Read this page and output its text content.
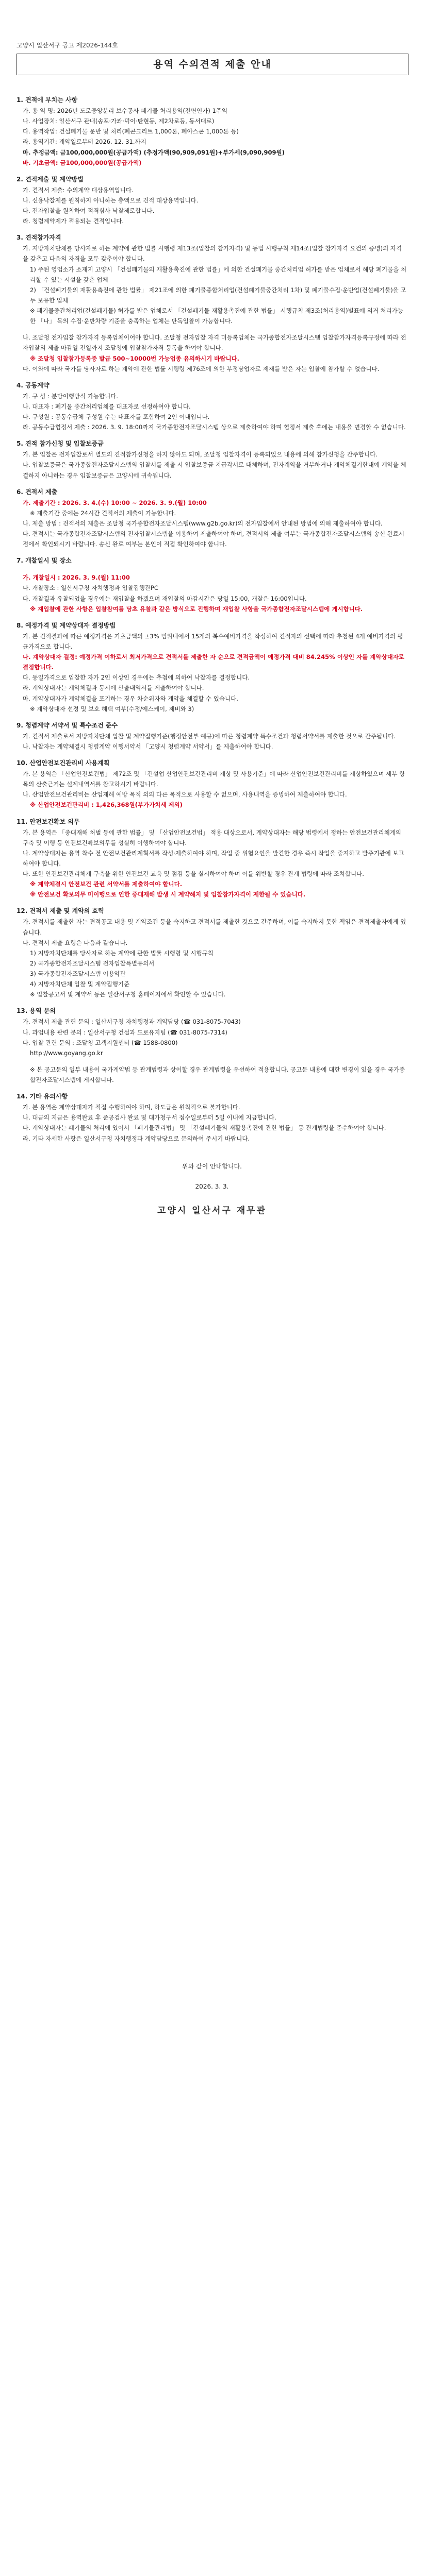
고양시 일산서구 공고 제2026-144호
용역 수의견적 제출 안내
1. 견적에 부치는 사항
가. 용 역 명: 2026년 도로중앙분리 보수공사 폐기물 처리용역(전면인가) 1주역
나. 사업장치: 일산서구 관내(송포·가좌·덕이·탄현동, 제2차로등, 동서대로)
다. 용역작업: 건설폐기물 운반 및 처리(폐콘크리트 1,000톤, 폐아스콘 1,000톤 등)
라. 용역기간: 계약일로부터 2026. 12. 31.까지
마. 추정금액: 금100,000,000원(공급가액) (추정가액(90,909,091원)+부가세(9,090,909원)
바. 기초금액: 금100,000,000원(공급가액)
2. 견적제출 및 계약방법
가. 견적서 제출: 수의계약 대상용역입니다.
나. 신용낙찰제를 원칙하지 아니하는 총액으로 견적 대상용역입니다.
다. 전자입찰을 원칙하여 적격심사 낙찰제로합니다.
라. 청렴계약제가 적용되는 견적입니다.
3. 견적참가자격
가. 지방자치단체를 당사자로 하는 계약에 관한 법률 시행령 제13조(입찰의 참가자격) 및 동법 시행규칙 제14조(입찰 참가자격 요건의 증명)의 자격을 갖추고 다음의 자격을 모두 갖추어야 합니다.
1) 주된 영업소가 소재지 고양시 「건설폐기물의 재활용촉진에 관한 법률」에 의한 건설폐기물 중간처리업 허가를 받은 업체로서 해당 폐기물을 처리할 수 있는 시설을 갖춘 업체
2) 「건설폐기물의 재활용촉진에 관한 법률」 제21조에 의한 폐기물종합처리업(건설폐기물중간처리 1차) 및 폐기물수집·운반업(건설폐기물)을 모두 보유한 업체
※ 폐기물중간처리업(건설폐기물) 허가를 받은 업체로서 「건설폐기물 재활용촉진에 관한 법률」 시행규칙 제3조(처리용역)별표에 의거 처리가능한 「나」 목의 수집·운반차량 기준을 충족하는 업체는 단독입찰이 가능합니다.
나. 조달청 전자입찰 참가자격 등록업체이어야 합니다. 조달청 전자입찰 자격 미등록업체는 국가종합전자조달시스템 입찰참가자격등록규정에 따라 전자입찰의 제출 마감일 전일까지 조달청에 입찰참가자격 등록을 하여야 합니다.
※ 조달청 입찰참가등록증 발급 500~10000번 가능업종 유의하시기 바랍니다.
다. 이와에 따라 국가를 당사자로 하는 계약에 관한 법률 시행령 제76조에 의한 부정당업자로 제재를 받은 자는 입찰에 참가할 수 없습니다.
4. 공동계약
가. 구 성 : 분담이행방식 가능합니다.
나. 대표자 : 폐기물 중간처리업체를 대표자로 선정하여야 합니다.
다. 구성원 : 공동수급체 구성원 수는 대표자를 포함하여 2인 이내입니다.
라. 공동수급협정서 제출 : 2026. 3. 9. 18:00까지 국가종합전자조달시스템 상으로 제출하여야 하며 협정서 제출 후에는 내용을 변경할 수 없습니다.
5. 견적 참가신청 및 입찰보증금
가. 본 입찰은 전자입찰로서 별도의 견적참가신청을 하지 않아도 되며, 조달청 입찰자격이 등록되었으 내용에 의해 참가신청을 간주합니다.
나. 입찰보증금은 국가종합전자조달시스템의 입찰서를 제출 시 입찰보증금 지급각서로 대체하며, 전자계약을 거부하거나 계약체결기한내에 계약을 체결하지 아니하는 경우 입찰보증금은 고양시에 귀속됩니다.
6. 견적서 제출
가. 제출기간 : 2026. 3. 4.(수) 10:00 ~ 2026. 3. 9.(월) 10:00
※ 제출기간 중에는 24시간 견적서의 제출이 가능합니다.
나. 제출 방법 : 견적서의 제출은 조달청 국가종합전자조달시스템(www.g2b.go.kr)의 전자입찰에서 안내된 방법에 의해 제출하여야 합니다.
다. 견적서는 국가종합전자조달시스템의 전자입찰시스템을 이용하여 제출하여야 하며, 견적서의 제출 여부는 국가종합전자조달시스템의 송신 완료시점에서 확인되시기 바랍니다. 송신 완료 여부는 본인이 직접 확인하여야 합니다.
7. 개찰일시 및 장소
가. 개찰일시 : 2026. 3. 9.(월) 11:00
나. 개찰장소 : 일산서구청 자치행정과 입찰집행관PC
다. 개찰결과 유찰되었을 경우에는 재입찰을 하겠으며 재입찰의 마감시간은 당일 15:00, 개찰은 16:00입니다.
※ 재입찰에 관한 사항은 입찰참여를 당초 유찰과 같은 방식으로 진행하며 재입찰 사항을 국가종합전자조달시스템에 게시합니다.
8. 예정가격 및 계약상대자 결정방법
가. 본 견적결과에 따른 예정가격은 기초금액의 ±3% 범위내에서 15개의 복수예비가격을 작성하여 견적자의 선택에 따라 추첨된 4개 예비가격의 평균가격으로 합니다.
나. 계약상대자 결정: 예정가격 이하로서 최저가격으로 견적서를 제출한 자 순으로 견적금액이 예정가격 대비 84.245% 이상인 자를 계약상대자로 결정합니다.
다. 동일가격으로 입찰한 자가 2인 이상인 경우에는 추첨에 의하여 낙찰자를 결정합니다.
라. 계약상대자는 계약체결과 동시에 산출내역서를 제출하여야 합니다.
마. 계약상대자가 계약체결을 포기하는 경우 차순위자와 계약을 체결할 수 있습니다.
※ 계약상대자 선정 및 보호 혜택 여부(수정/에스케이, 제비와 3)
9. 청렴계약 서약서 및 특수조건 준수
가. 견적서 제출로서 지방자치단체 입찰 및 계약집행기준(행정안전부 예규)에 따른 청렴계약 특수조건과 청렴서약서를 제출한 것으로 간주됩니다.
나. 낙찰자는 계약체결시 청렴계약 이행서약서 「고양시 청렴계약 서약서」를 제출하여야 합니다.
10. 산업안전보건관리비 사용계획
가. 본 용역은 「산업안전보건법」 제72조 및 「건설업 산업안전보건관리비 계상 및 사용기준」에 따라 산업안전보건관리비를 계상하였으며 세부 항목의 산출근거는 설계내역서를 참고하시기 바랍니다.
나. 산업안전보건관리비는 산업재해 예방 목적 외의 다른 목적으로 사용할 수 없으며, 사용내역을 증빙하여 제출하여야 합니다.
※ 산업안전보건관리비 : 1,426,368원(부가가치세 제외)
11. 안전보건확보 의무
가. 본 용역은 「중대재해 처벌 등에 관한 법률」 및 「산업안전보건법」 적용 대상으로서, 계약상대자는 해당 법령에서 정하는 안전보건관리체계의 구축 및 이행 등 안전보건확보의무를 성실히 이행하여야 합니다.
나. 계약상대자는 용역 착수 전 안전보건관리계획서를 작성·제출하여야 하며, 작업 중 위험요인을 발견한 경우 즉시 작업을 중지하고 발주기관에 보고하여야 합니다.
다. 또한 안전보건관리체계 구축을 위한 안전보건 교육 및 점검 등을 실시하여야 하며 이를 위반할 경우 관계 법령에 따라 조치합니다.
※ 계약체결시 안전보건 관련 서약서를 제출하여야 합니다.
※ 안전보건 확보의무 미이행으로 인한 중대재해 발생 시 계약해지 및 입찰참가자격이 제한될 수 있습니다.
12. 견적서 제출 및 계약의 효력
가. 견적서를 제출한 자는 견적공고 내용 및 계약조건 등을 숙지하고 견적서를 제출한 것으로 간주하며, 이를 숙지하지 못한 책임은 견적제출자에게 있습니다.
나. 견적서 제출 요령은 다음과 같습니다.
1) 지방자치단체를 당사자로 하는 계약에 관한 법률 시행령 및 시행규칙
2) 국가종합전자조달시스템 전자입찰특별유의서
3) 국가종합전자조달시스템 이용약관
4) 지방자치단체 입찰 및 계약집행기준
※ 입찰공고서 및 계약서 등은 일산서구청 홈페이지에서 확인할 수 있습니다.
13. 용역 문의
가. 견적서 제출 관련 문의 : 일산서구청 자치행정과 계약담당 (☎ 031-8075-7043)
나. 과업내용 관련 문의 : 일산서구청 건설과 도로유지팀 (☎ 031-8075-7314)
다. 입찰 관련 문의 : 조달청 고객지원센터 (☎ 1588-0800)
http://www.goyang.go.kr
※ 본 공고문의 일부 내용이 국가계약법 등 관계법령과 상이할 경우 관계법령을 우선하여 적용합니다. 공고문 내용에 대한 변경이 있을 경우 국가종합전자조달시스템에 게시합니다.
14. 기타 유의사항
가. 본 용역은 계약상대자가 직접 수행하여야 하며, 하도급은 원칙적으로 불가합니다.
나. 대금의 지급은 용역완료 후 준공검사 완료 및 대가청구서 접수일로부터 5일 이내에 지급합니다.
다. 계약상대자는 폐기물의 처리에 있어서 「폐기물관리법」 및 「건설폐기물의 재활용촉진에 관한 법률」 등 관계법령을 준수하여야 합니다.
라. 기타 자세한 사항은 일산서구청 자치행정과 계약담당으로 문의하여 주시기 바랍니다.
위와 같이 안내합니다.
2026. 3. 3.
고양시 일산서구 재무관
